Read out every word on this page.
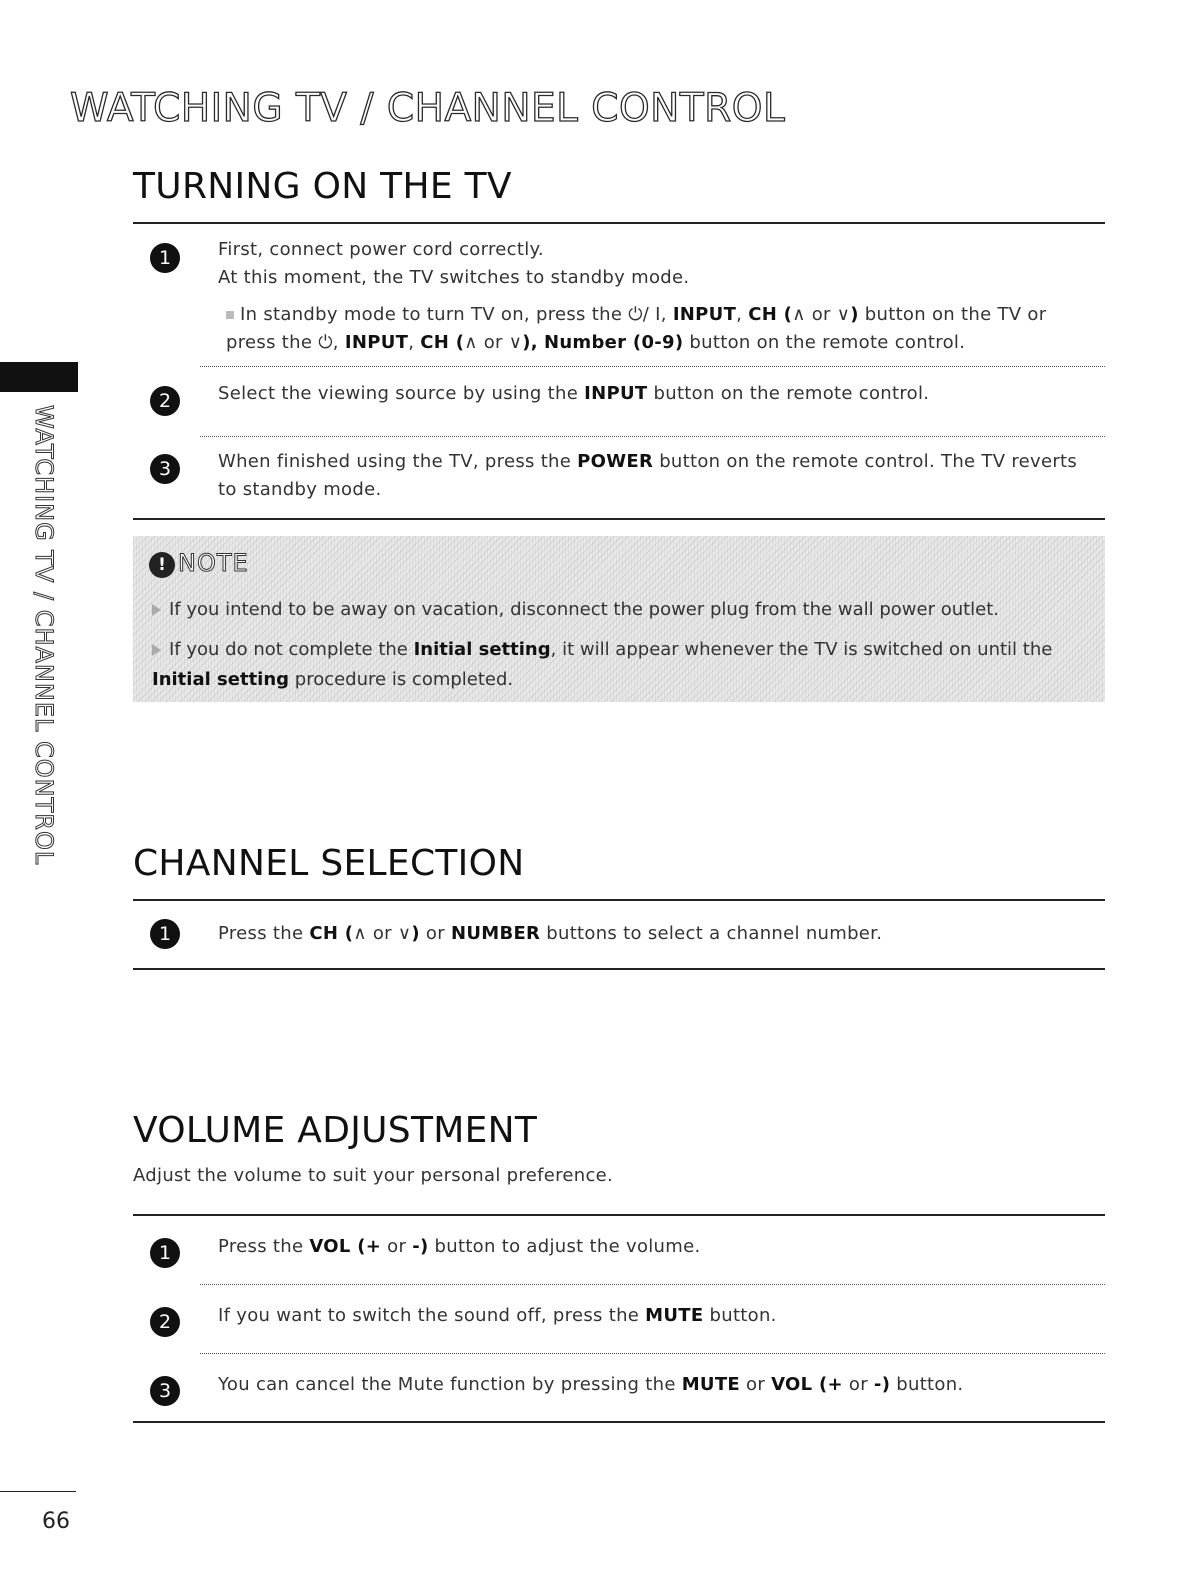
WATCHING TV / CHANNEL CONTROL
WATCHING TV / CHANNEL CONTROL
TURNING ON THE TV
1	First, connect power cord correctly.
At this moment, the TV switches to standby mode.
In standby mode to turn TV on, press the ⏻/ I, INPUT, CH (∧ or ∨) button on the TV or press the ⏻, INPUT, CH (∧ or ∨), Number (0-9) button on the remote control.
2	Select the viewing source by using the INPUT button on the remote control.
3	When finished using the TV, press the POWER button on the remote control. The TV reverts to standby mode.
! NOTE
If you intend to be away on vacation, disconnect the power plug from the wall power outlet.
If you do not complete the Initial setting, it will appear whenever the TV is switched on until the Initial setting procedure is completed.
CHANNEL SELECTION
1	Press the CH (∧ or ∨) or NUMBER buttons to select a channel number.
VOLUME ADJUSTMENT
Adjust the volume to suit your personal preference.
1	Press the VOL (+ or -) button to adjust the volume.
2	If you want to switch the sound off, press the MUTE button.
3	You can cancel the Mute function by pressing the MUTE or VOL (+ or -) button.
66
